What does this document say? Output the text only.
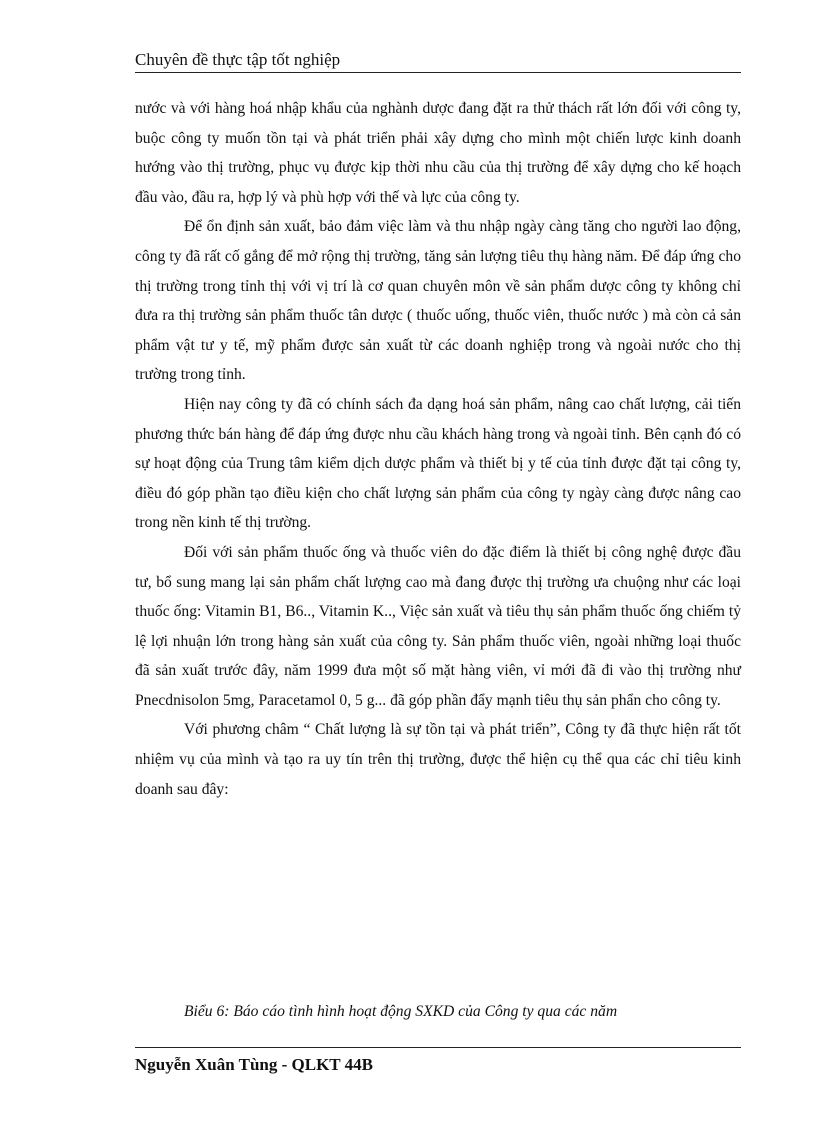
Chuyên đề thực tập tốt nghiệp

nước và với hàng hoá nhập khẩu của nghành dược đang đặt ra thử thách rất lớn đối với công ty, buộc công ty muốn tồn tại và phát triển phải xây dựng cho mình một chiến lược kinh doanh hướng vào thị trường, phục vụ được kịp thời nhu cầu của thị trường để xây dựng cho kế hoạch đầu vào, đầu ra, hợp lý và phù hợp với thế và lực của công ty.

Để ổn định sản xuất, bảo đảm việc làm và thu nhập ngày càng tăng cho người lao động, công ty đã rất cố gắng để mở rộng thị trường, tăng sản lượng tiêu thụ hàng năm. Để đáp ứng cho thị trường trong tỉnh thị với vị trí là cơ quan chuyên môn về sản phẩm dược công ty không chỉ đưa ra thị trường sản phẩm thuốc tân dược ( thuốc uống, thuốc viên, thuốc nước ) mà còn cả sản phẩm vật tư y tế, mỹ phẩm được sản xuất từ các doanh nghiệp trong và ngoài nước cho thị trường trong tỉnh.

Hiện nay công ty đã có chính sách đa dạng hoá sản phẩm, nâng cao chất lượng, cải tiến phương thức bán hàng để đáp ứng được nhu cầu khách hàng trong và ngoài tỉnh. Bên cạnh đó có sự hoạt động của Trung tâm kiểm dịch dược phẩm và thiết bị y tế của tỉnh được đặt tại công ty, điều đó góp phần tạo điều kiện cho chất lượng sản phẩm của công ty ngày càng được nâng cao trong nền kinh tế thị trường.

Đối với sản phẩm thuốc ống và thuốc viên do đặc điểm là thiết bị công nghệ được đầu tư, bổ sung mang lại sản phẩm chất lượng cao mà đang được thị trường ưa chuộng như các loại thuốc ống: Vitamin B1, B6.., Vitamin K.., Việc sản xuất và tiêu thụ sản phẩm thuốc ống chiếm tỷ lệ lợi nhuận lớn trong hàng sản xuất của công ty. Sản phẩm thuốc viên, ngoài những loại thuốc đã sản xuất trước đây, năm 1999 đưa một số mặt hàng viên, vỉ mới đã đi vào thị trường như Pnecdnisolon 5mg, Paracetamol 0, 5 g... đã góp phần đẩy mạnh tiêu thụ sản phẩn cho công ty.

Với phương châm “ Chất lượng là sự tồn tại và phát triển”, Công ty đã thực hiện rất tốt nhiệm vụ của mình và tạo ra uy tín trên thị trường, được thể hiện cụ thể qua các chỉ tiêu kinh doanh sau đây:

Biểu 6: Báo cáo tình hình hoạt động SXKD của Công ty qua các năm
Nguyễn Xuân Tùng - QLKT 44B
